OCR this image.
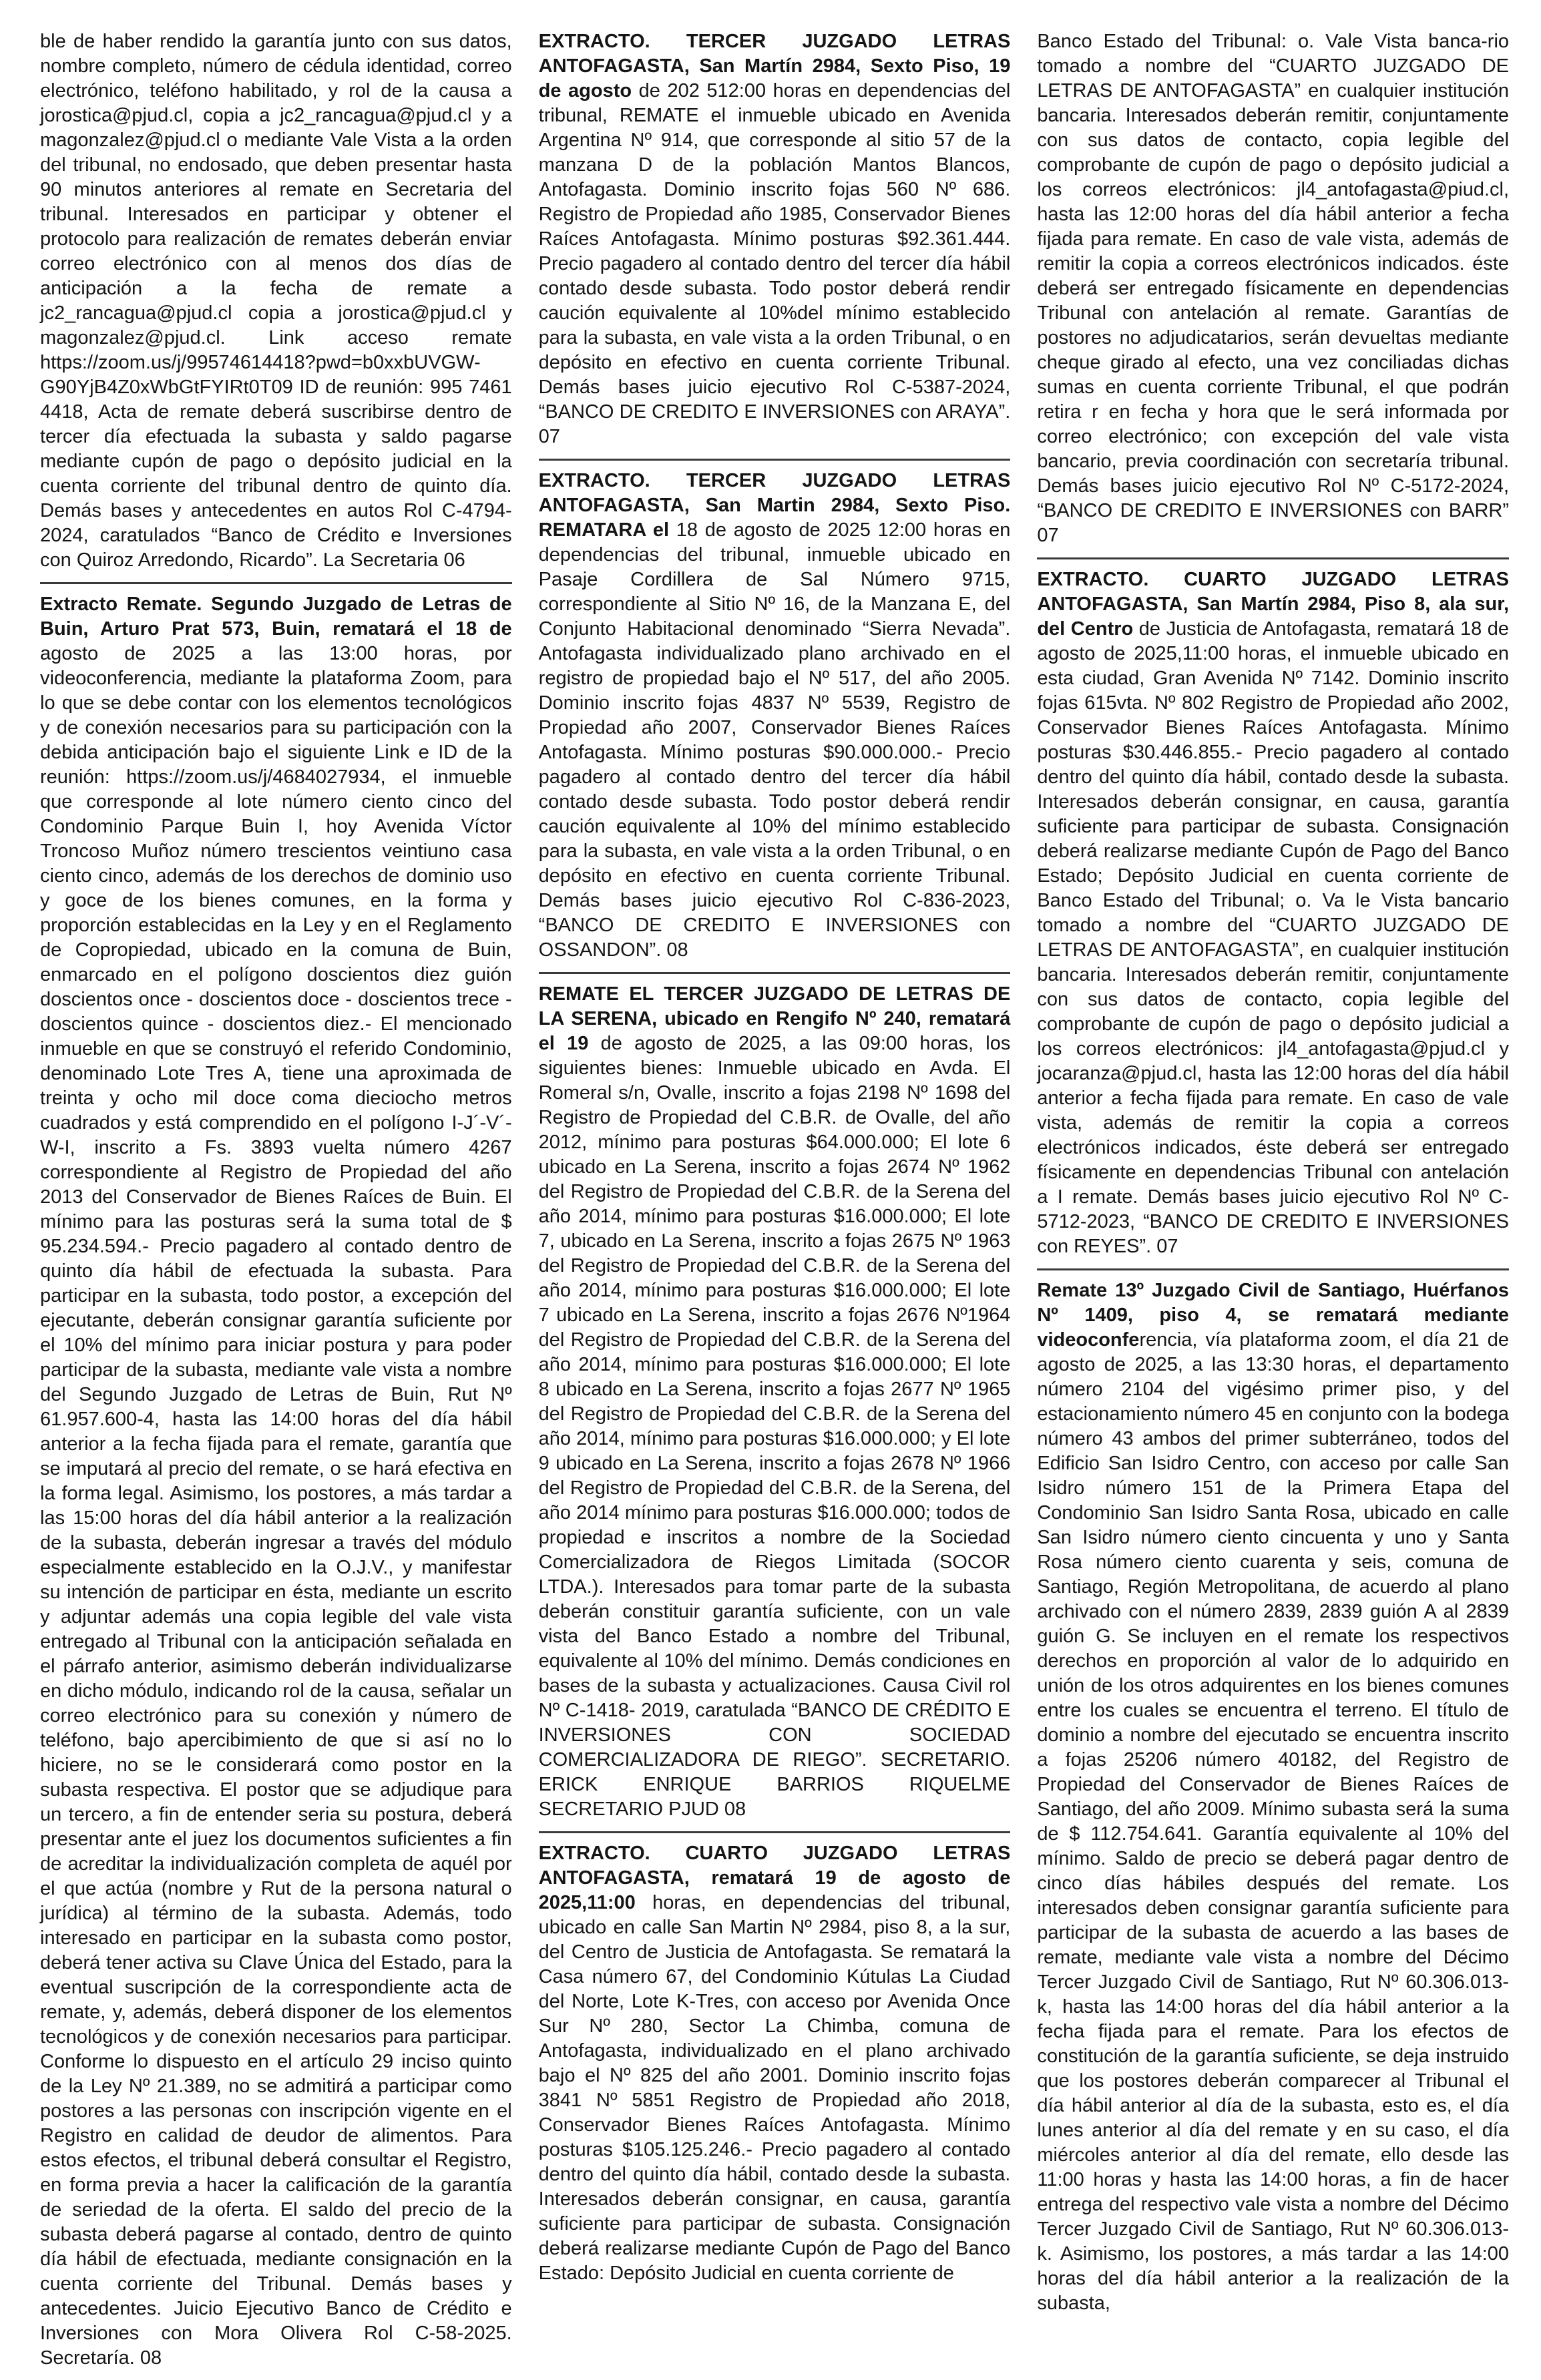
ble de haber rendido la garantía junto con sus datos, nombre completo, número de cédula identidad, correo electrónico, teléfono habilitado, y rol de la causa a jorostica@pjud.cl, copia a jc2_rancagua@pjud.cl y a magonzalez@pjud.cl o mediante Vale Vista a la orden del tribunal, no endosado, que deben presentar hasta 90 minutos anteriores al remate en Secretaria del tribunal. Interesados en participar y obtener el protocolo para realización de remates deberán enviar correo electrónico con al menos dos días de anticipación a la fecha de remate a jc2_rancagua@pjud.cl copia a jorostica@pjud.cl y magonzalez@pjud.cl. Link acceso remate https://zoom.us/j/99574614418?pwd=b0xxbUVGW-G90YjB4Z0xWbGtFYIRt0T09 ID de reunión: 995 7461 4418, Acta de remate deberá suscribirse dentro de tercer día efectuada la subasta y saldo pagarse mediante cupón de pago o depósito judicial en la cuenta corriente del tribunal dentro de quinto día. Demás bases y antecedentes en autos Rol C-4794-2024, caratulados “Banco de Crédito e Inversiones con Quiroz Arredondo, Ricardo”. La Secretaria 06
Extracto Remate. Segundo Juzgado de Letras de Buin, Arturo Prat 573, Buin, rematará el 18 de agosto de 2025 a las 13:00 horas, por videoconferencia, mediante la plataforma Zoom, para lo que se debe contar con los elementos tecnológicos y de conexión necesarios para su participación con la debida anticipación bajo el siguiente Link e ID de la reunión: https://zoom.us/j/4684027934, el inmueble que corresponde al lote número ciento cinco del Condominio Parque Buin I, hoy Avenida Víctor Troncoso Muñoz número trescientos veintiuno casa ciento cinco, además de los derechos de dominio uso y goce de los bienes comunes, en la forma y proporción establecidas en la Ley y en el Reglamento de Copropiedad, ubicado en la comuna de Buin, enmarcado en el polígono doscientos diez guión doscientos once - doscientos doce - doscientos trece - doscientos quince - doscientos diez.- El mencionado inmueble en que se construyó el referido Condominio, denominado Lote Tres A, tiene una aproximada de treinta y ocho mil doce coma dieciocho metros cuadrados y está comprendido en el polígono I-J´-V´-W-I, inscrito a Fs. 3893 vuelta número 4267 correspondiente al Registro de Propiedad del año 2013 del Conservador de Bienes Raíces de Buin. El mínimo para las posturas será la suma total de $ 95.234.594.- Precio pagadero al contado dentro de quinto día hábil de efectuada la subasta. Para participar en la subasta, todo postor, a excepción del ejecutante, deberán consignar garantía suficiente por el 10% del mínimo para iniciar postura y para poder participar de la subasta, mediante vale vista a nombre del Segundo Juzgado de Letras de Buin, Rut Nº 61.957.600-4, hasta las 14:00 horas del día hábil anterior a la fecha fijada para el remate, garantía que se imputará al precio del remate, o se hará efectiva en la forma legal. Asimismo, los postores, a más tardar a las 15:00 horas del día hábil anterior a la realización de la subasta, deberán ingresar a través del módulo especialmente establecido en la O.J.V., y manifestar su intención de participar en ésta, mediante un escrito y adjuntar además una copia legible del vale vista entregado al Tribunal con la anticipación señalada en el párrafo anterior, asimismo deberán individualizarse en dicho módulo, indicando rol de la causa, señalar un correo electrónico para su conexión y número de teléfono, bajo apercibimiento de que si así no lo hiciere, no se le considerará como postor en la subasta respectiva. El postor que se adjudique para un tercero, a fin de entender seria su postura, deberá presentar ante el juez los documentos suficientes a fin de acreditar la individualización completa de aquél por el que actúa (nombre y Rut de la persona natural o jurídica) al término de la subasta. Además, todo interesado en participar en la subasta como postor, deberá tener activa su Clave Única del Estado, para la eventual suscripción de la correspondiente acta de remate, y, además, deberá disponer de los elementos tecnológicos y de conexión necesarios para participar. Conforme lo dispuesto en el artículo 29 inciso quinto de la Ley Nº 21.389, no se admitirá a participar como postores a las personas con inscripción vigente en el Registro en calidad de deudor de alimentos. Para estos efectos, el tribunal deberá consultar el Registro, en forma previa a hacer la calificación de la garantía de seriedad de la oferta. El saldo del precio de la subasta deberá pagarse al contado, dentro de quinto día hábil de efectuada, mediante consignación en la cuenta corriente del Tribunal. Demás bases y antecedentes. Juicio Ejecutivo Banco de Crédito e Inversiones con Mora Olivera Rol C-58-2025. Secretaría. 08
EXTRACTO. TERCER JUZGADO LETRAS ANTOFAGASTA, San Martín 2984, Sexto Piso, 19 de agosto de 202 512:00 horas en dependencias del tribunal, REMATE el inmueble ubicado en Avenida Argentina Nº 914, que corresponde al sitio 57 de la manzana D de la población Mantos Blancos, Antofagasta. Dominio inscrito fojas 560 Nº 686. Registro de Propiedad año 1985, Conservador Bienes Raíces Antofagasta. Mínimo posturas $92.361.444. Precio pagadero al contado dentro del tercer día hábil contado desde subasta. Todo postor deberá rendir caución equivalente al 10%del mínimo establecido para la subasta, en vale vista a la orden Tribunal, o en depósito en efectivo en cuenta corriente Tribunal. Demás bases juicio ejecutivo Rol C-5387-2024, “BANCO DE CREDITO E INVERSIONES con ARAYA”. 07
EXTRACTO. TERCER JUZGADO LETRAS ANTOFAGASTA, San Martin 2984, Sexto Piso. REMATARA el 18 de agosto de 2025 12:00 horas en dependencias del tribunal, inmueble ubicado en Pasaje Cordillera de Sal Número 9715, correspondiente al Sitio Nº 16, de la Manzana E, del Conjunto Habitacional denominado “Sierra Nevada”. Antofagasta individualizado plano archivado en el registro de propiedad bajo el Nº 517, del año 2005. Dominio inscrito fojas 4837 Nº 5539, Registro de Propiedad año 2007, Conservador Bienes Raíces Antofagasta. Mínimo posturas $90.000.000.- Precio pagadero al contado dentro del tercer día hábil contado desde subasta. Todo postor deberá rendir caución equivalente al 10% del mínimo establecido para la subasta, en vale vista a la orden Tribunal, o en depósito en efectivo en cuenta corriente Tribunal. Demás bases juicio ejecutivo Rol C-836-2023, “BANCO DE CREDITO E INVERSIONES con OSSANDON”. 08
REMATE EL TERCER JUZGADO DE LETRAS DE LA SERENA, ubicado en Rengifo Nº 240, rematará el 19 de agosto de 2025, a las 09:00 horas, los siguientes bienes: Inmueble ubicado en Avda. El Romeral s/n, Ovalle, inscrito a fojas 2198 Nº 1698 del Registro de Propiedad del C.B.R. de Ovalle, del año 2012, mínimo para posturas $64.000.000; El lote 6 ubicado en La Serena, inscrito a fojas 2674 Nº 1962 del Registro de Propiedad del C.B.R. de la Serena del año 2014, mínimo para posturas $16.000.000; El lote 7, ubicado en La Serena, inscrito a fojas 2675 Nº 1963 del Registro de Propiedad del C.B.R. de la Serena del año 2014, mínimo para posturas $16.000.000; El lote 7 ubicado en La Serena, inscrito a fojas 2676 Nº1964 del Registro de Propiedad del C.B.R. de la Serena del año 2014, mínimo para posturas $16.000.000; El lote 8 ubicado en La Serena, inscrito a fojas 2677 Nº 1965 del Registro de Propiedad del C.B.R. de la Serena del año 2014, mínimo para posturas $16.000.000; y El lote 9 ubicado en La Serena, inscrito a fojas 2678 Nº 1966 del Registro de Propiedad del C.B.R. de la Serena, del año 2014 mínimo para posturas $16.000.000; todos de propiedad e inscritos a nombre de la Sociedad Comercializadora de Riegos Limitada (SOCOR LTDA.). Interesados para tomar parte de la subasta deberán constituir garantía suficiente, con un vale vista del Banco Estado a nombre del Tribunal, equivalente al 10% del mínimo. Demás condiciones en bases de la subasta y actualizaciones. Causa Civil rol Nº C-1418- 2019, caratulada “BANCO DE CRÉDITO E INVERSIONES CON SOCIEDAD COMERCIALIZADORA DE RIEGO”. SECRETARIO. ERICK ENRIQUE BARRIOS RIQUELME SECRETARIO PJUD 08
EXTRACTO. CUARTO JUZGADO LETRAS ANTOFAGASTA, rematará 19 de agosto de 2025,11:00 horas, en dependencias del tribunal, ubicado en calle San Martin Nº 2984, piso 8, a la sur, del Centro de Justicia de Antofagasta. Se rematará la Casa número 67, del Condominio Kútulas La Ciudad del Norte, Lote K-Tres, con acceso por Avenida Once Sur Nº 280, Sector La Chimba, comuna de Antofagasta, individualizado en el plano archivado bajo el Nº 825 del año 2001. Dominio inscrito fojas 3841 Nº 5851 Registro de Propiedad año 2018, Conservador Bienes Raíces Antofagasta. Mínimo posturas $105.125.246.- Precio pagadero al contado dentro del quinto día hábil, contado desde la subasta. Interesados deberán consignar, en causa, garantía suficiente para participar de subasta. Consignación deberá realizarse mediante Cupón de Pago del Banco Estado: Depósito Judicial en cuenta corriente de
Banco Estado del Tribunal: o. Vale Vista banca-rio tomado a nombre del “CUARTO JUZGADO DE LETRAS DE ANTOFAGASTA” en cualquier institución bancaria. Interesados deberán remitir, conjuntamente con sus datos de contacto, copia legible del comprobante de cupón de pago o depósito judicial a los correos electrónicos: jl4_antofagasta@piud.cl, hasta las 12:00 horas del día hábil anterior a fecha fijada para remate. En caso de vale vista, además de remitir la copia a correos electrónicos indicados. éste deberá ser entregado físicamente en dependencias Tribunal con antelación al remate. Garantías de postores no adjudicatarios, serán devueltas mediante cheque girado al efecto, una vez conciliadas dichas sumas en cuenta corriente Tribunal, el que podrán retira r en fecha y hora que le será informada por correo electrónico; con excepción del vale vista bancario, previa coordinación con secretaría tribunal. Demás bases juicio ejecutivo Rol Nº C-5172-2024, “BANCO DE CREDITO E INVERSIONES con BARR” 07
EXTRACTO. CUARTO JUZGADO LETRAS ANTOFAGASTA, San Martín 2984, Piso 8, ala sur, del Centro de Justicia de Antofagasta, rematará 18 de agosto de 2025,11:00 horas, el inmueble ubicado en esta ciudad, Gran Avenida Nº 7142. Dominio inscrito fojas 615vta. Nº 802 Registro de Propiedad año 2002, Conservador Bienes Raíces Antofagasta. Mínimo posturas $30.446.855.- Precio pagadero al contado dentro del quinto día hábil, contado desde la subasta. Interesados deberán consignar, en causa, garantía suficiente para participar de subasta. Consignación deberá realizarse mediante Cupón de Pago del Banco Estado; Depósito Judicial en cuenta corriente de Banco Estado del Tribunal; o. Va le Vista bancario tomado a nombre del “CUARTO JUZGADO DE LETRAS DE ANTOFAGASTA”, en cualquier institución bancaria. Interesados deberán remitir, conjuntamente con sus datos de contacto, copia legible del comprobante de cupón de pago o depósito judicial a los correos electrónicos: jl4_antofagasta@pjud.cl y jocaranza@pjud.cl, hasta las 12:00 horas del día hábil anterior a fecha fijada para remate. En caso de vale vista, además de remitir la copia a correos electrónicos indicados, éste deberá ser entregado físicamente en dependencias Tribunal con antelación a I remate. Demás bases juicio ejecutivo Rol Nº C-5712-2023, “BANCO DE CREDITO E INVERSIONES con REYES”. 07
Remate 13º Juzgado Civil de Santiago, Huérfanos Nº 1409, piso 4, se rematará mediante videoconferencia, vía plataforma zoom, el día 21 de agosto de 2025, a las 13:30 horas, el departamento número 2104 del vigésimo primer piso, y del estacionamiento número 45 en conjunto con la bodega número 43 ambos del primer subterráneo, todos del Edificio San Isidro Centro, con acceso por calle San Isidro número 151 de la Primera Etapa del Condominio San Isidro Santa Rosa, ubicado en calle San Isidro número ciento cincuenta y uno y Santa Rosa número ciento cuarenta y seis, comuna de Santiago, Región Metropolitana, de acuerdo al plano archivado con el número 2839, 2839 guión A al 2839 guión G. Se incluyen en el remate los respectivos derechos en proporción al valor de lo adquirido en unión de los otros adquirentes en los bienes comunes entre los cuales se encuentra el terreno. El título de dominio a nombre del ejecutado se encuentra inscrito a fojas 25206 número 40182, del Registro de Propiedad del Conservador de Bienes Raíces de Santiago, del año 2009. Mínimo subasta será la suma de $ 112.754.641. Garantía equivalente al 10% del mínimo. Saldo de precio se deberá pagar dentro de cinco días hábiles después del remate. Los interesados deben consignar garantía suficiente para participar de la subasta de acuerdo a las bases de remate, mediante vale vista a nombre del Décimo Tercer Juzgado Civil de Santiago, Rut Nº 60.306.013-k, hasta las 14:00 horas del día hábil anterior a la fecha fijada para el remate. Para los efectos de constitución de la garantía suficiente, se deja instruido que los postores deberán comparecer al Tribunal el día hábil anterior al día de la subasta, esto es, el día lunes anterior al día del remate y en su caso, el día miércoles anterior al día del remate, ello desde las 11:00 horas y hasta las 14:00 horas, a fin de hacer entrega del respectivo vale vista a nombre del Décimo Tercer Juzgado Civil de Santiago, Rut Nº 60.306.013-k. Asimismo, los postores, a más tardar a las 14:00 horas del día hábil anterior a la realización de la subasta,
